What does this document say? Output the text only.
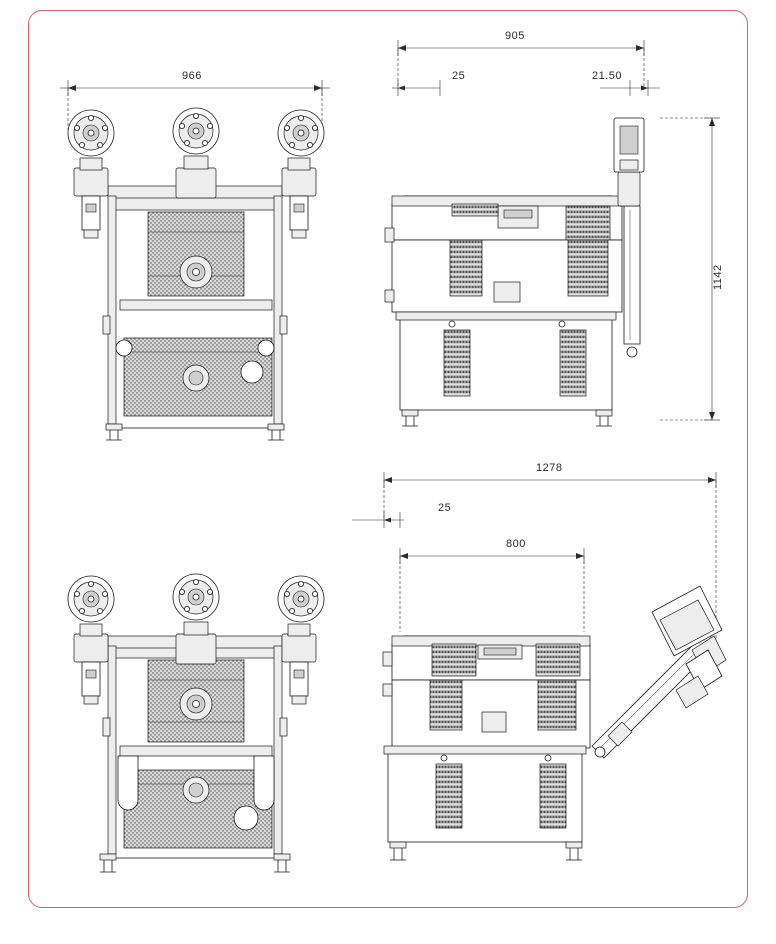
966
905
25	21.50
1142
1278
25
800
